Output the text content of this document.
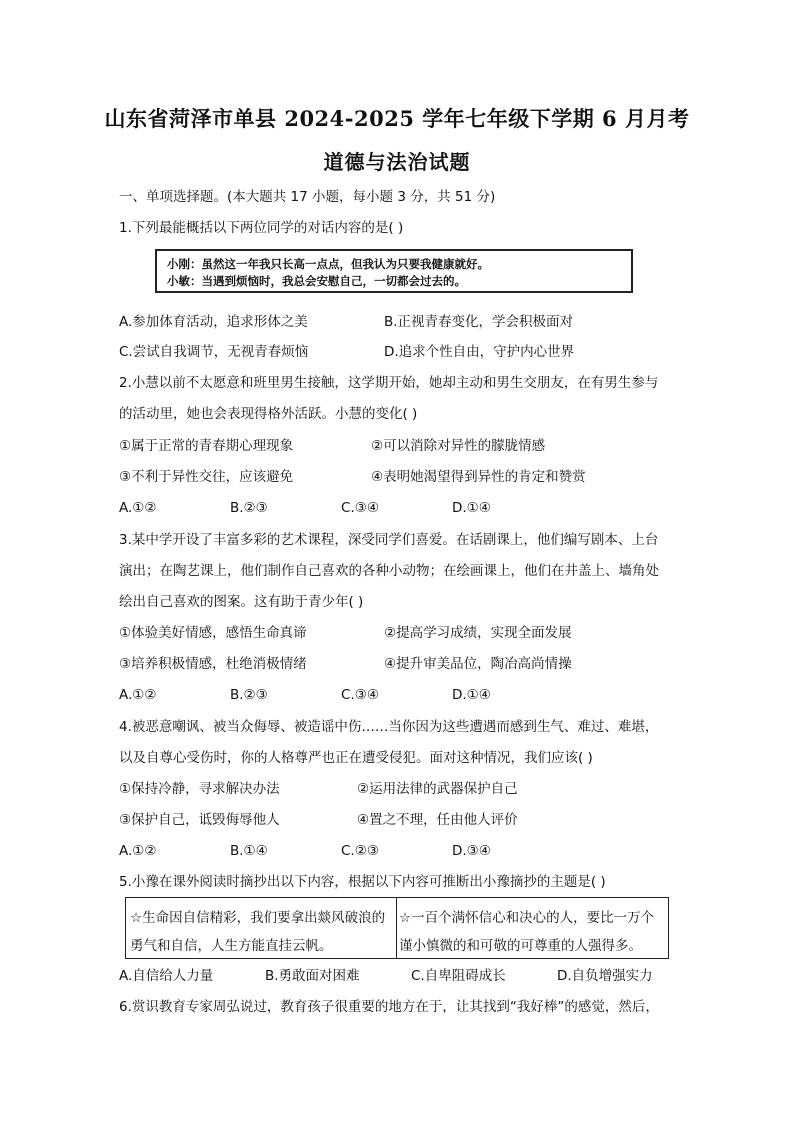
山东省菏泽市单县 2024-2025 学年七年级下学期 6 月月考
道德与法治试题
一、单项选择题。(本大题共 17 小题，每小题 3 分，共 51 分)
1.下列最能概括以下两位同学的对话内容的是( )
小刚：虽然这一年我只长高一点点，但我认为只要我健康就好。
小敏：当遇到烦恼时，我总会安慰自己，一切都会过去的。
A.参加体育活动，追求形体之美	B.正视青春变化，学会积极面对
C.尝试自我调节，无视青春烦恼	D.追求个性自由，守护内心世界
2.小慧以前不太愿意和班里男生接触，这学期开始，她却主动和男生交朋友，在有男生参与
的活动里，她也会表现得格外活跃。小慧的变化( )
①属于正常的青春期心理现象	②可以消除对异性的朦胧情感
③不利于异性交往，应该避免	④表明她渴望得到异性的肯定和赞赏
A.①②	B.②③	C.③④	D.①④
3.某中学开设了丰富多彩的艺术课程，深受同学们喜爱。在话剧课上，他们编写剧本、上台
演出；在陶艺课上，他们制作自己喜欢的各种小动物；在绘画课上，他们在井盖上、墙角处
绘出自己喜欢的图案。这有助于青少年( )
①体验美好情感，感悟生命真谛	②提高学习成绩，实现全面发展
③培养积极情感，杜绝消极情绪	④提升审美品位，陶冶高尚情操
A.①②	B.②③	C.③④	D.①④
4.被恶意嘲讽、被当众侮辱、被造谣中伤……当你因为这些遭遇而感到生气、难过、难堪，
以及自尊心受伤时，你的人格尊严也正在遭受侵犯。面对这种情况，我们应该( )
①保持冷静，寻求解决办法	②运用法律的武器保护自己
③保护自己，诋毁侮辱他人	④置之不理，任由他人评价
A.①②	B.①④	C.②③	D.③④
5.小豫在课外阅读时摘抄出以下内容，根据以下内容可推断出小豫摘抄的主题是( )
☆生命因自信精彩，我们要拿出燚风破浪的
勇气和自信，人生方能直挂云帆。
☆一百个满怀信心和决心的人，要比一万个
谨小慎微的和可敬的可尊重的人强得多。
A.自信给人力量	B.勇敢面对困难	C.自卑阻碍成长	D.自负增强实力
6.赏识教育专家周弘说过，教育孩子很重要的地方在于，让其找到“我好棒”的感觉，然后，
